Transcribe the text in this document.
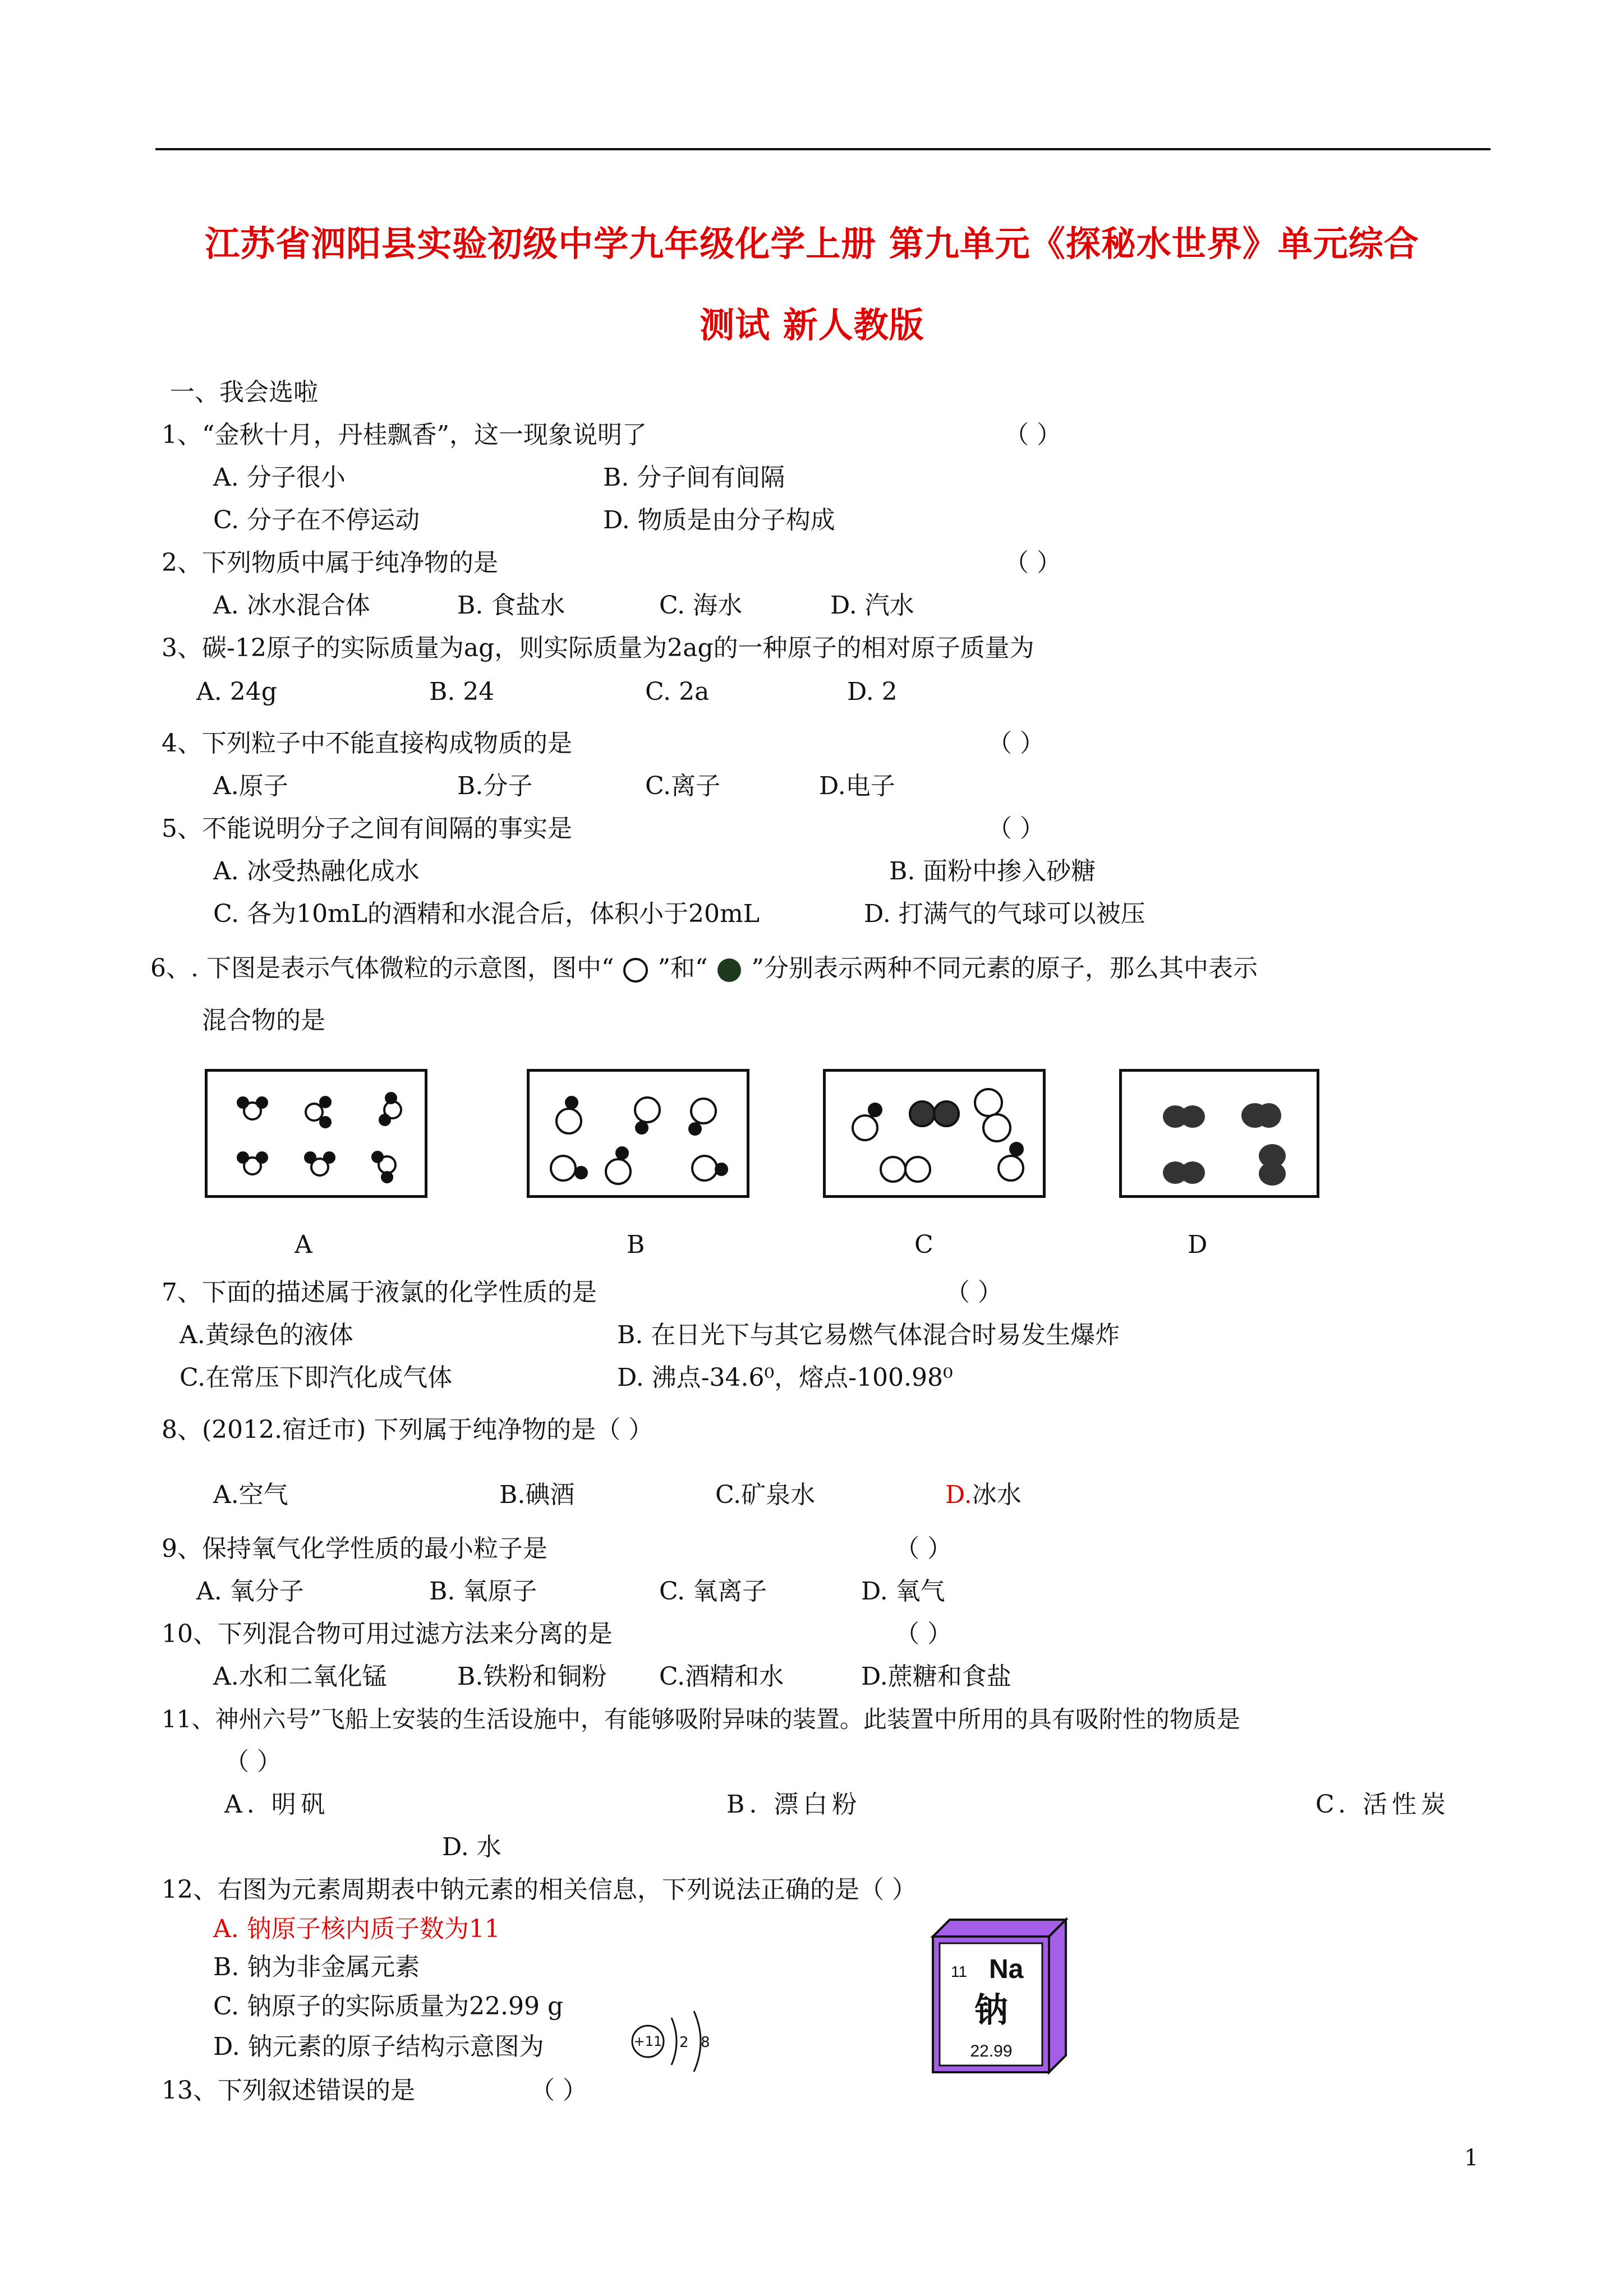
江苏省泗阳县实验初级中学九年级化学上册 第九单元《探秘水世界》单元综合
测试 新人教版
一、我会选啦
1、“金秋十月，丹桂飘香”，这一现象说明了	（ ）
A. 分子很小	B. 分子间有间隔
C. 分子在不停运动	D. 物质是由分子构成
2、下列物质中属于纯净物的是	（ ）
A. 冰水混合体	B. 食盐水	C. 海水	D. 汽水
3、碳-12原子的实际质量为ag，则实际质量为2ag的一种原子的相对原子质量为
A. 24g	B. 24	C. 2a	D. 2
4、下列粒子中不能直接构成物质的是	（ ）
A.原子	B.分子	C.离子	D.电子
5、不能说明分子之间有间隔的事实是	（ ）
A. 冰受热融化成水	B. 面粉中掺入砂糖
C. 各为10mL的酒精和水混合后，体积小于20mL	D. 打满气的气球可以被压
6、. 下图是表示气体微粒的示意图，图中“ ”和“ ”分别表示两种不同元素的原子，那么其中表示
混合物的是
A	B	C	D
7、下面的描述属于液氯的化学性质的是	（ ）
A.黄绿色的液体	B. 在日光下与其它易燃气体混合时易发生爆炸
C.在常压下即汽化成气体	D. 沸点-34.6⁰，熔点-100.98⁰
8、(2012.宿迁市) 下列属于纯净物的是（ ）
A.空气	B.碘酒	C.矿泉水	D.冰水
9、保持氧气化学性质的最小粒子是	（ ）
A. 氧分子	B. 氧原子	C. 氧离子	D. 氧气
10、下列混合物可用过滤方法来分离的是	（ ）
A.水和二氧化锰	B.铁粉和铜粉 C.酒精和水	D.蔗糖和食盐
11、神州六号”飞船上安装的生活设施中，有能够吸附异味的装置。此装置中所用的具有吸附性的物质是
（ ）
A. 明矾	B. 漂白粉	C. 活性炭
D. 水
12、右图为元素周期表中钠元素的相关信息，下列说法正确的是（ ）
A. 钠原子核内质子数为11
B. 钠为非金属元素
C. 钠原子的实际质量为22.99 g
D. 钠元素的原子结构示意图为	+11 2 8
11 Na
钠
22.99
13、下列叙述错误的是	（ ）
1
